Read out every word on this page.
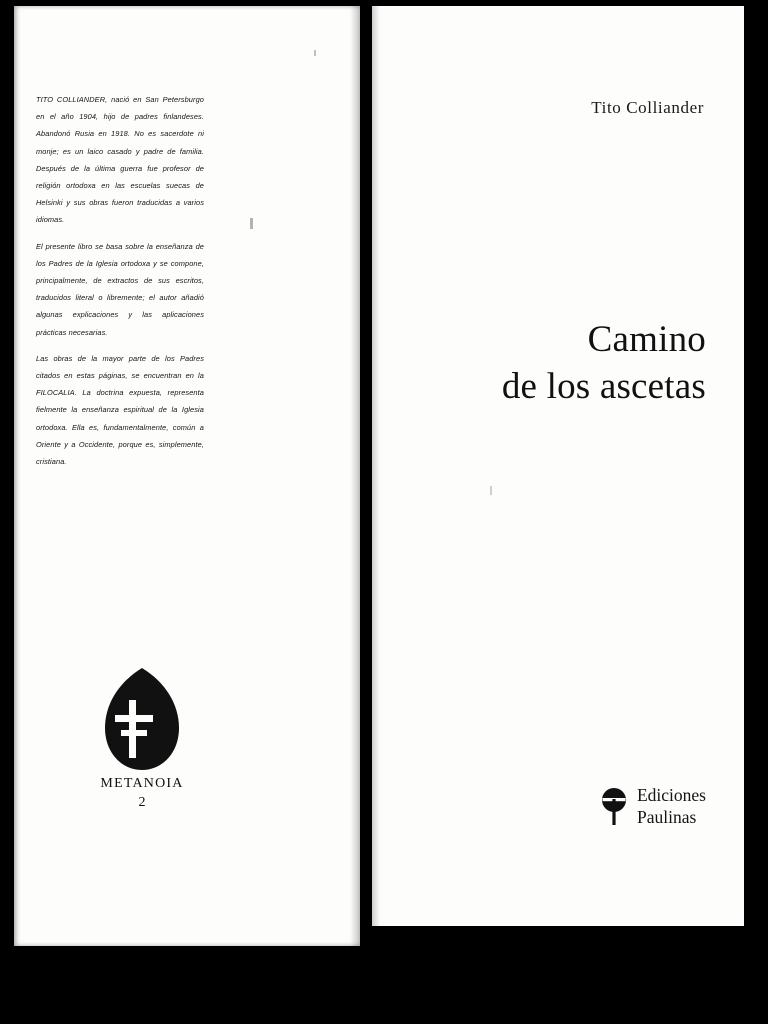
TITO COLLIANDER, nació en San Petersburgo en el año 1904, hijo de padres finlandeses. Abandonó Rusia en 1918. No es sacerdote ni monje; es un laico casado y padre de familia. Después de la última guerra fue profesor de religión ortodoxa en las escuelas suecas de Helsinki y sus obras fueron traducidas a varios idiomas.

El presente libro se basa sobre la enseñanza de los Padres de la Iglesia ortodoxa y se compone, principalmente, de extractos de sus escritos, traducidos literal o libremente; el autor añadió algunas explicaciones y las aplicaciones prácticas necesarias.

Las obras de la mayor parte de los Padres citados en estas páginas, se encuentran en la FILOCALIA. La doctrina expuesta, representa fielmente la enseñanza espiritual de la Iglesia ortodoxa. Ella es, fundamentalmente, común a Oriente y a Occidente, porque es, simplemente, cristiana.

METANOIA
2
Tito Colliander
Camino
de los ascetas
Ediciones
Paulinas
